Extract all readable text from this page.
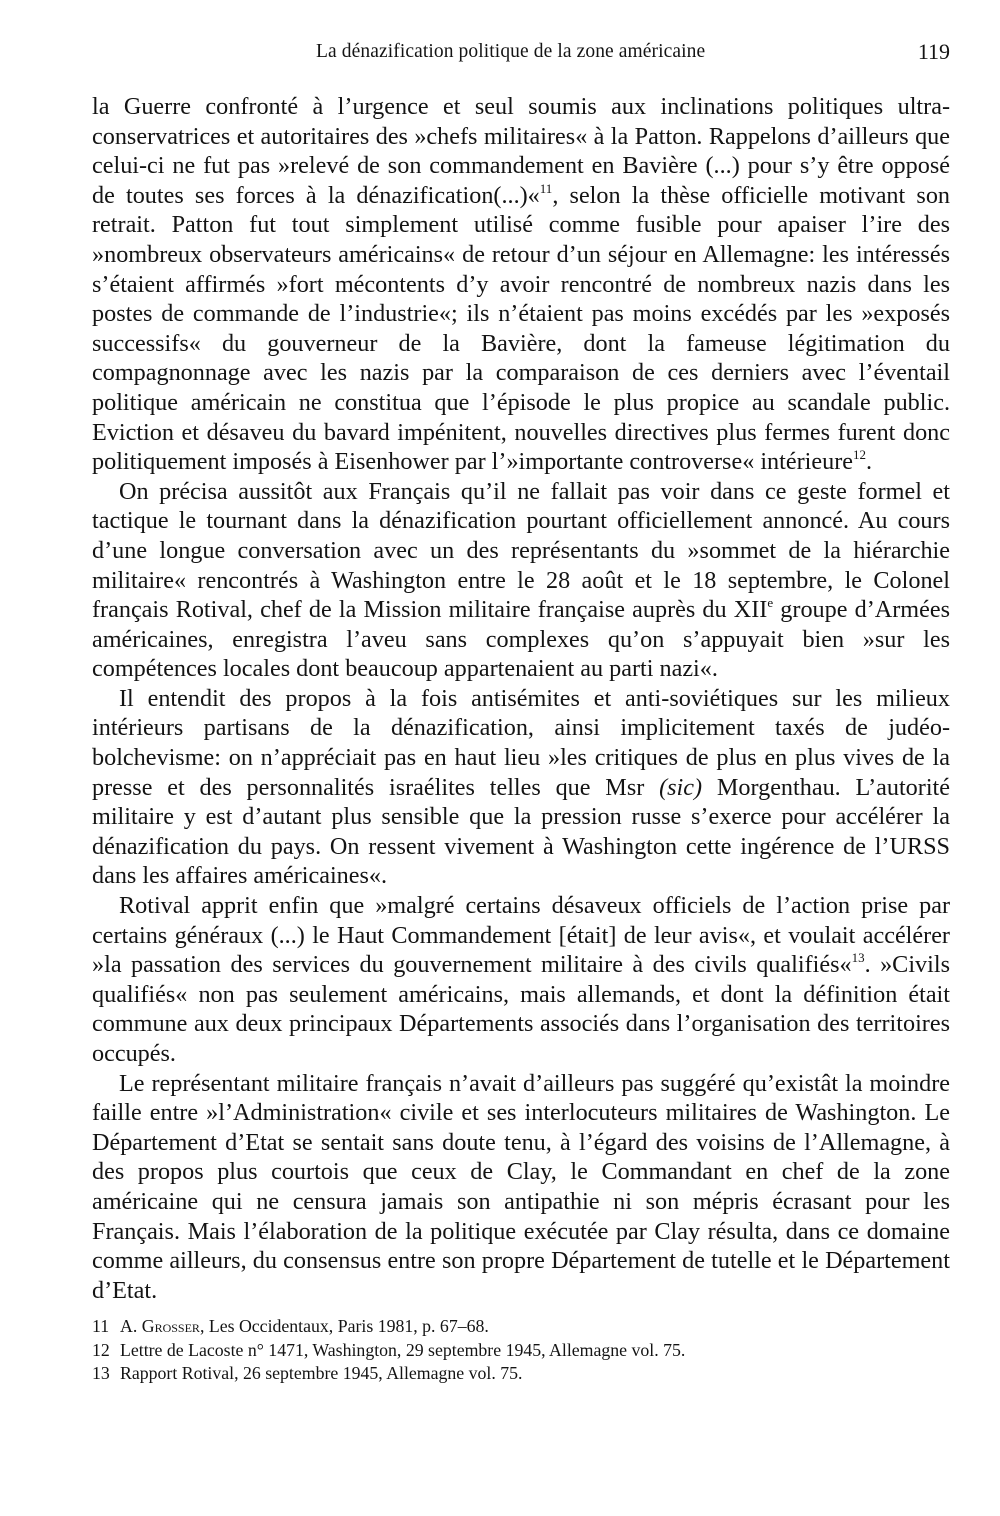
La dénazification politique de la zone américaine	119

la Guerre confronté à l’urgence et seul soumis aux inclinations politiques ultra-conservatrices et autoritaires des »chefs militaires« à la Patton. Rappelons d’ailleurs que celui-ci ne fut pas »relevé de son commandement en Bavière (...) pour s’y être opposé de toutes ses forces à la dénazification(...)«$^{11}$, selon la thèse officielle motivant son retrait. Patton fut tout simplement utilisé comme fusible pour apaiser l’ire des »nombreux observateurs américains« de retour d’un séjour en Allemagne: les intéressés s’étaient affirmés »fort mécontents d’y avoir rencontré de nombreux nazis dans les postes de commande de l’industrie«; ils n’étaient pas moins excédés par les »exposés successifs« du gouverneur de la Bavière, dont la fameuse légitimation du compagnonnage avec les nazis par la comparaison de ces derniers avec l’éventail politique américain ne constitua que l’épisode le plus propice au scandale public. Eviction et désaveu du bavard impénitent, nouvelles directives plus fermes furent donc politiquement imposés à Eisenhower par l’»importante controverse« intérieure$^{12}$.

On précisa aussitôt aux Français qu’il ne fallait pas voir dans ce geste formel et tactique le tournant dans la dénazification pourtant officiellement annoncé. Au cours d’une longue conversation avec un des représentants du »sommet de la hiérarchie militaire« rencontrés à Washington entre le 28 août et le 18 septembre, le Colonel français Rotival, chef de la Mission militaire française auprès du XIIe groupe d’Armées américaines, enregistra l’aveu sans complexes qu’on s’appuyait bien »sur les compétences locales dont beaucoup appartenaient au parti nazi«.

Il entendit des propos à la fois antisémites et anti-soviétiques sur les milieux intérieurs partisans de la dénazification, ainsi implicitement taxés de judéo-bolchevisme: on n’appréciait pas en haut lieu »les critiques de plus en plus vives de la presse et des personnalités israélites telles que Msr (sic) Morgenthau. L’autorité militaire y est d’autant plus sensible que la pression russe s’exerce pour accélérer la dénazification du pays. On ressent vivement à Washington cette ingérence de l’URSS dans les affaires américaines«.

Rotival apprit enfin que »malgré certains désaveux officiels de l’action prise par certains généraux (...) le Haut Commandement [était] de leur avis«, et voulait accélérer »la passation des services du gouvernement militaire à des civils qualifiés«$^{13}$. »Civils qualifiés« non pas seulement américains, mais allemands, et dont la définition était commune aux deux principaux Départements associés dans l’organisation des territoires occupés.

Le représentant militaire français n’avait d’ailleurs pas suggéré qu’existât la moindre faille entre »l’Administration« civile et ses interlocuteurs militaires de Washington. Le Département d’Etat se sentait sans doute tenu, à l’égard des voisins de l’Allemagne, à des propos plus courtois que ceux de Clay, le Commandant en chef de la zone américaine qui ne censura jamais son antipathie ni son mépris écrasant pour les Français. Mais l’élaboration de la politique exécutée par Clay résulta, dans ce domaine comme ailleurs, du consensus entre son propre Département de tutelle et le Département d’Etat.

11 A. Grosser, Les Occidentaux, Paris 1981, p. 67–68.
12 Lettre de Lacoste n° 1471, Washington, 29 septembre 1945, Allemagne vol. 75.
13 Rapport Rotival, 26 septembre 1945, Allemagne vol. 75.
